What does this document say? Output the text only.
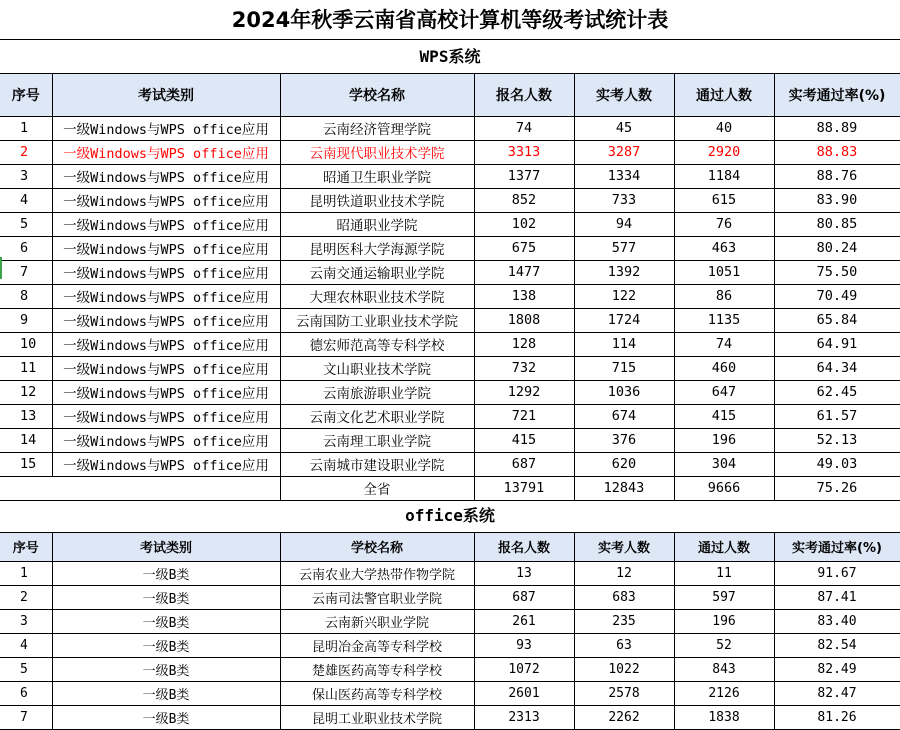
2024年秋季云南省高校计算机等级考试统计表
WPS系统
序号	考试类别	学校名称	报名人数	实考人数	通过人数	实考通过率(%)
1	一级Windows与WPS office应用	云南经济管理学院	74	45	40	88.89
2	一级Windows与WPS office应用	云南现代职业技术学院	3313	3287	2920	88.83
3	一级Windows与WPS office应用	昭通卫生职业学院	1377	1334	1184	88.76
4	一级Windows与WPS office应用	昆明铁道职业技术学院	852	733	615	83.90
5	一级Windows与WPS office应用	昭通职业学院	102	94	76	80.85
6	一级Windows与WPS office应用	昆明医科大学海源学院	675	577	463	80.24
7	一级Windows与WPS office应用	云南交通运输职业学院	1477	1392	1051	75.50
8	一级Windows与WPS office应用	大理农林职业技术学院	138	122	86	70.49
9	一级Windows与WPS office应用	云南国防工业职业技术学院	1808	1724	1135	65.84
10	一级Windows与WPS office应用	德宏师范高等专科学校	128	114	74	64.91
11	一级Windows与WPS office应用	文山职业技术学院	732	715	460	64.34
12	一级Windows与WPS office应用	云南旅游职业学院	1292	1036	647	62.45
13	一级Windows与WPS office应用	云南文化艺术职业学院	721	674	415	61.57
14	一级Windows与WPS office应用	云南理工职业学院	415	376	196	52.13
15	一级Windows与WPS office应用	云南城市建设职业学院	687	620	304	49.03
		全省	13791	12843	9666	75.26
office系统
序号	考试类别	学校名称	报名人数	实考人数	通过人数	实考通过率(%)
1	一级B类	云南农业大学热带作物学院	13	12	11	91.67
2	一级B类	云南司法警官职业学院	687	683	597	87.41
3	一级B类	云南新兴职业学院	261	235	196	83.40
4	一级B类	昆明冶金高等专科学校	93	63	52	82.54
5	一级B类	楚雄医药高等专科学校	1072	1022	843	82.49
6	一级B类	保山医药高等专科学校	2601	2578	2126	82.47
7	一级B类	昆明工业职业技术学院	2313	2262	1838	81.26
